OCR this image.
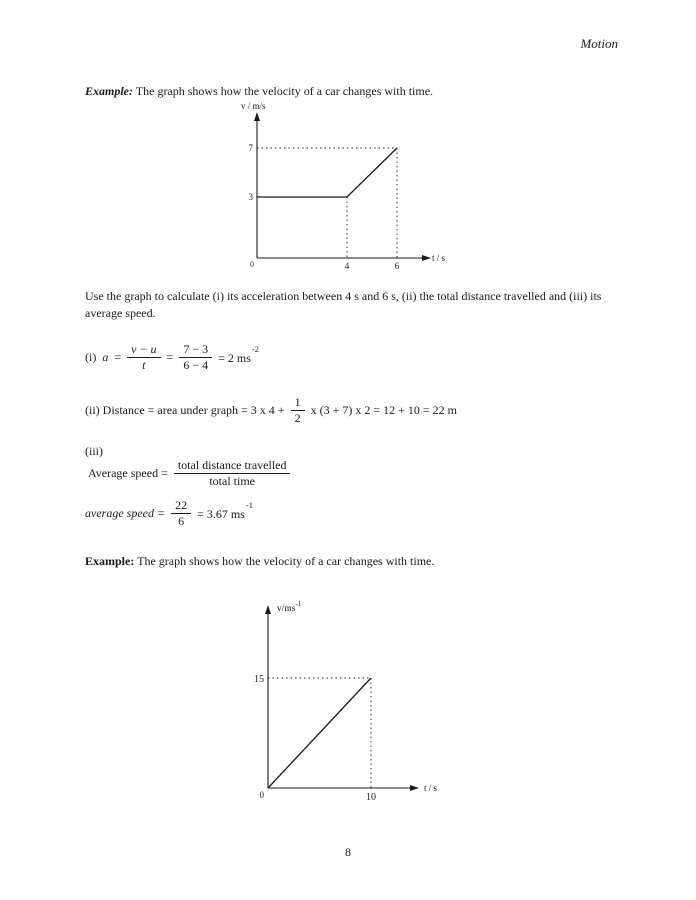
Motion
Example: The graph shows how the velocity of a car changes with time.
v / m/s
7
3
0	4	6
t / s
Use the graph to calculate (i) its acceleration between 4 s and 6 s, (ii) the total distance travelled and (iii) its average speed.
(i) $a = \frac{v - u}{t} = \frac{7 - 3}{6 - 4} = 2$ $ms^{-2}$
(ii) Distance = area under graph = 3 x $4 + \frac{1}{2}$ x (3 + 7) x 2 = 12 + 10 = 22 m
(iii)
Average speed = $\frac{\text{total distance travelled}}{\text{total time}}$
average speed = $\frac{22}{6} = 3.67$ $ms^{-1}$
Example: The graph shows how the velocity of a car changes with time.
$v/ms^{-1}$
15
0	10
t / s
8
